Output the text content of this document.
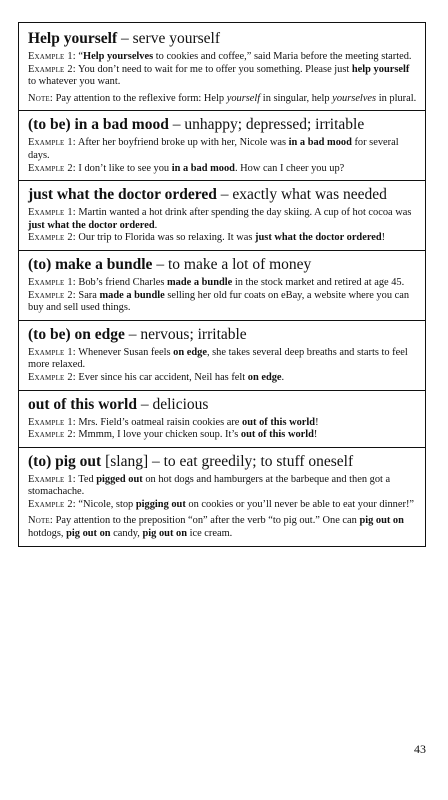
Help yourself – serve yourself
Example 1: “Help yourselves to cookies and coffee,” said Maria before the meeting started.
Example 2: You don’t need to wait for me to offer you something. Please just help yourself to whatever you want.
Note: Pay attention to the reflexive form: Help yourself in singular, help yourselves in plural.
(to be) in a bad mood – unhappy; depressed; irritable
Example 1: After her boyfriend broke up with her, Nicole was in a bad mood for several days.
Example 2: I don’t like to see you in a bad mood. How can I cheer you up?
just what the doctor ordered – exactly what was needed
Example 1: Martin wanted a hot drink after spending the day skiing. A cup of hot cocoa was just what the doctor ordered.
Example 2: Our trip to Florida was so relaxing. It was just what the doctor ordered!
(to) make a bundle – to make a lot of money
Example 1: Bob’s friend Charles made a bundle in the stock market and retired at age 45.
Example 2: Sara made a bundle selling her old fur coats on eBay, a website where you can buy and sell used things.
(to be) on edge – nervous; irritable
Example 1: Whenever Susan feels on edge, she takes several deep breaths and starts to feel more relaxed.
Example 2: Ever since his car accident, Neil has felt on edge.
out of this world – delicious
Example 1: Mrs. Field’s oatmeal raisin cookies are out of this world!
Example 2: Mmmm, I love your chicken soup. It’s out of this world!
(to) pig out [slang] – to eat greedily; to stuff oneself
Example 1: Ted pigged out on hot dogs and hamburgers at the barbeque and then got a stomachache.
Example 2: “Nicole, stop pigging out on cookies or you’ll never be able to eat your dinner!”
Note: Pay attention to the preposition “on” after the verb “to pig out.” One can pig out on hotdogs, pig out on candy, pig out on ice cream.
43
